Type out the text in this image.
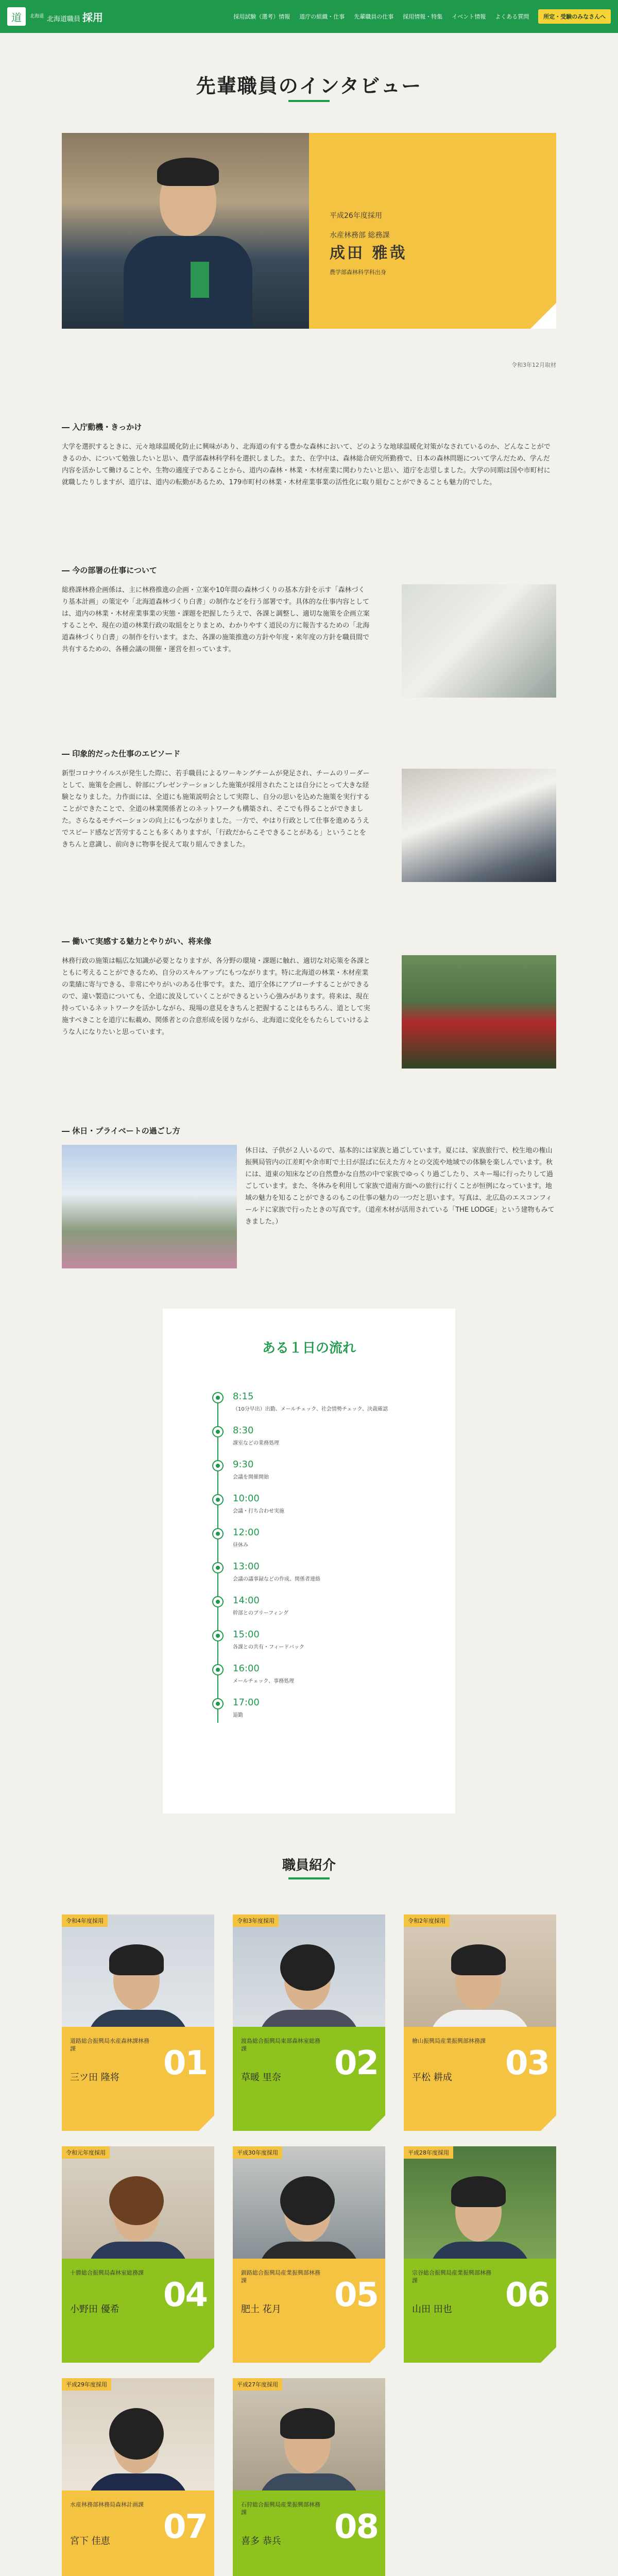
道	北海道 北海道職員 採用	採用試験（選考）情報 道庁の組織・仕事 先輩職員の仕事 採用情報・特集 イベント情報 よくある質問	所定・受験のみなさんへ
先輩職員のインタビュー
平成26年度採用
水産林務部 総務課
成田 雅哉
農学部森林科学科出身
令和3年12月取材
― 入庁動機・きっかけ
大学を選択するときに、元々地球温暖化防止に興味があり、北海道の有する豊かな森林において、どのような地球温暖化対策がなされているのか、どんなことができるのか、について勉強したいと思い、農学部森林科学科を選択しました。また、在学中は、森林総合研究所勤務で、日本の森林問題について学んだため、学んだ内容を活かして働けることや、生物の適度子であることから、道内の森林・林業・木材産業に関わりたいと思い、道庁を志望しました。大学の同期は国や市町村に就職したりしますが、道庁は、道内の転勤があるため、179市町村の林業・木材産業事業の活性化に取り組むことができることも魅力的でした。
― 今の部署の仕事について
総務課林務企画係は、主に林務推進の企画・立案や10年間の森林づくりの基本方針を示す「森林づくり基本計画」の策定や「北海道森林づくり白書」の制作などを行う部署です。具体的な仕事内容としては、道内の林業・木材産業事業の実態・課題を把握したうえで、各課と調整し、適切な施策を企画立案することや、現在の道の林業行政の取組をとりまとめ、わかりやすく道民の方に報告するための「北海道森林づくり白書」の制作を行います。また、各課の施策推進の方針や年度・来年度の方針を職員間で共有するための、各種会議の開催・運営を担っています。
― 印象的だった仕事のエピソード
新型コロナウイルスが発生した際に、若手職員によるワーキングチームが発足され、チームのリーダーとして、施策を企画し、幹部にプレゼンテーションした施策が採用されたことは自分にとって大きな経験となりました。力作面には、全道にも施策説明会として実際し、自分の思いを込めた施策を実行することができたことで、全道の林業関係者とのネットワークも構築され、そこでも得ることができました。さらなるモチベーションの向上にもつながりました。一方で、やはり行政として仕事を進めるうえでスピード感など苦労することも多くありますが、「行政だからこそできることがある」ということをきちんと意識し、前向きに物事を捉えて取り組んできました。
― 働いて実感する魅力とやりがい、将来像
林務行政の施策は幅広な知識が必要となりますが、各分野の環境・課題に触れ、適切な対応策を各課とともに考えることができるため、自分のスキルアップにもつながります。特に北海道の林業・木材産業の業績に寄与できる、非常にやりがいのある仕事です。また、道庁全体にアプローチすることができるので、違い製造についても、全道に波及していくことができるという心強みがあります。将来は、現在持っているネットワークを活かしながら、現場の意見をきちんと把握することはもちろん、道として実施すべきことを道庁に転載め、関係者との合意形成を図りながら、北海道に変化をもたらしていけるような人になりたいと思っています。
― 休日・プライベートの過ごし方
休日は、子供が２人いるので、基本的には家族と過ごしています。夏には、家族旅行で、校生地の権山振興局管内の江差町や余市町で土日が混ばに伝えた方々との交流や地域での体験を楽しんでいます。秋には、道東の知床などの自然豊かな自然の中で家族でゆっくり過ごしたり、スキー場に行ったりして過ごしています。また、冬休みを利用して家族で道南方面への旅行に行くことが恒例になっています。地域の魅力を知ることができるのもこの仕事の魅力の一つだと思います。写真は、北広島のエスコンフィールドに家族で行ったときの写真です。（道産木材が活用されている「THE LODGE」という建物もみてきました。）
ある１日の流れ
8:15
（10分早出）出勤、メールチェック、社会情勢チェック、決裁確認
8:30
課室などの業務処理
9:30
会議を開催開始
10:00
会議・打ち合わせ実施
12:00
昼休み
13:00
会議の議事録などの作成、関係者連絡
14:00
幹部とのブリーフィング
15:00
各課との共有・フィードバック
16:00
メールチェック、事務処理
17:00
退勤
職員紹介
令和4年度採用
道路総合振興局水産森林課林務課
三ツ田 隆将 01
令和3年度採用
渡島総合振興局東部森林室総務課
草暖 里奈 02
令和2年度採用
檜山振興局産業振興部林務課
平松 耕成 03
令和元年度採用
十勝総合振興局森林室総務課
小野田 優希 04
平成30年度採用
釧路総合振興局産業振興部林務課
肥土 花月 05
平成28年度採用
宗谷総合振興局産業振興部林務課
山田 田也 06
平成29年度採用
水産林務部林務局森林計画課
宮下 佳恵 07
平成27年度採用
石狩総合振興局産業振興部林務課
喜多 恭兵 08
